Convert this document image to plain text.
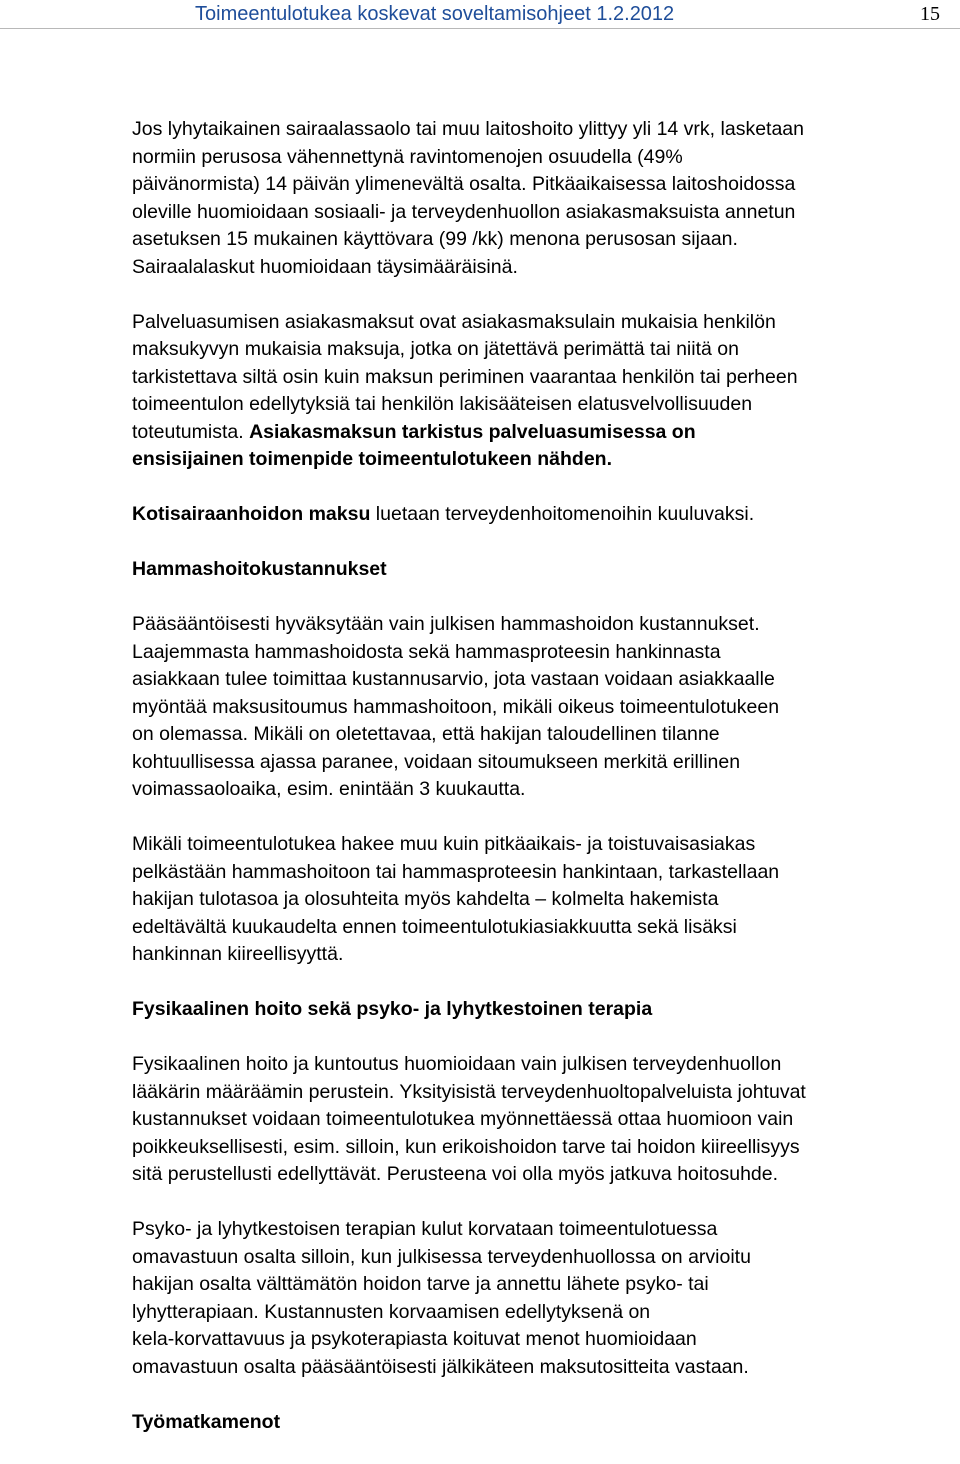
Toimeentulotukea koskevat soveltamisohjeet 1.2.2012	15

Jos lyhytaikainen sairaalassaolo tai muu laitoshoito ylittyy yli 14 vrk, lasketaan
normiin perusosa vähennettynä ravintomenojen osuudella (49%
päivänormista) 14 päivän ylimenevältä osalta. Pitkäaikaisessa laitoshoidossa
oleville huomioidaan sosiaali- ja terveydenhuollon asiakasmaksuista annetun
asetuksen 15 mukainen käyttövara (99 /kk) menona perusosan sijaan.
Sairaalalaskut huomioidaan täysimääräisinä.

Palveluasumisen asiakasmaksut ovat asiakasmaksulain mukaisia henkilön
maksukyvyn mukaisia maksuja, jotka on jätettävä perimättä tai niitä on
tarkistettava siltä osin kuin maksun periminen vaarantaa henkilön tai perheen
toimeentulon edellytyksiä tai henkilön lakisääteisen elatusvelvollisuuden
toteutumista. Asiakasmaksun tarkistus palveluasumisessa on
ensisijainen toimenpide toimeentulotukeen nähden.

Kotisairaanhoidon maksu luetaan terveydenhoitomenoihin kuuluvaksi.

Hammashoitokustannukset

Pääsääntöisesti hyväksytään vain julkisen hammashoidon kustannukset.
Laajemmasta hammashoidosta sekä hammasproteesin hankinnasta
asiakkaan tulee toimittaa kustannusarvio, jota vastaan voidaan asiakkaalle
myöntää maksusitoumus hammashoitoon, mikäli oikeus toimeentulotukeen
on olemassa. Mikäli on oletettavaa, että hakijan taloudellinen tilanne
kohtuullisessa ajassa paranee, voidaan sitoumukseen merkitä erillinen
voimassaoloaika, esim. enintään 3 kuukautta.

Mikäli toimeentulotukea hakee muu kuin pitkäaikais- ja toistuvaisasiakas
pelkästään hammashoitoon tai hammasproteesin hankintaan, tarkastellaan
hakijan tulotasoa ja olosuhteita myös kahdelta – kolmelta hakemista
edeltävältä kuukaudelta ennen toimeentulotukiasiakkuutta sekä lisäksi
hankinnan kiireellisyyttä.

Fysikaalinen hoito sekä psyko- ja lyhytkestoinen terapia

Fysikaalinen hoito ja kuntoutus huomioidaan vain julkisen terveydenhuollon
lääkärin määräämin perustein. Yksityisistä terveydenhuoltopalveluista johtuvat
kustannukset voidaan toimeentulotukea myönnettäessä ottaa huomioon vain
poikkeuksellisesti, esim. silloin, kun erikoishoidon tarve tai hoidon kiireellisyys
sitä perustellusti edellyttävät. Perusteena voi olla myös jatkuva hoitosuhde.

Psyko- ja lyhytkestoisen terapian kulut korvataan toimeentulotuessa
omavastuun osalta silloin, kun julkisessa terveydenhuollossa on arvioitu
hakijan osalta välttämätön hoidon tarve ja annettu lähete psyko- tai
lyhytterapiaan. Kustannusten korvaamisen edellytyksenä on
kela-korvattavuus ja psykoterapiasta koituvat menot huomioidaan
omavastuun osalta pääsääntöisesti jälkikäteen maksutositteita vastaan.

Työmatkamenot
